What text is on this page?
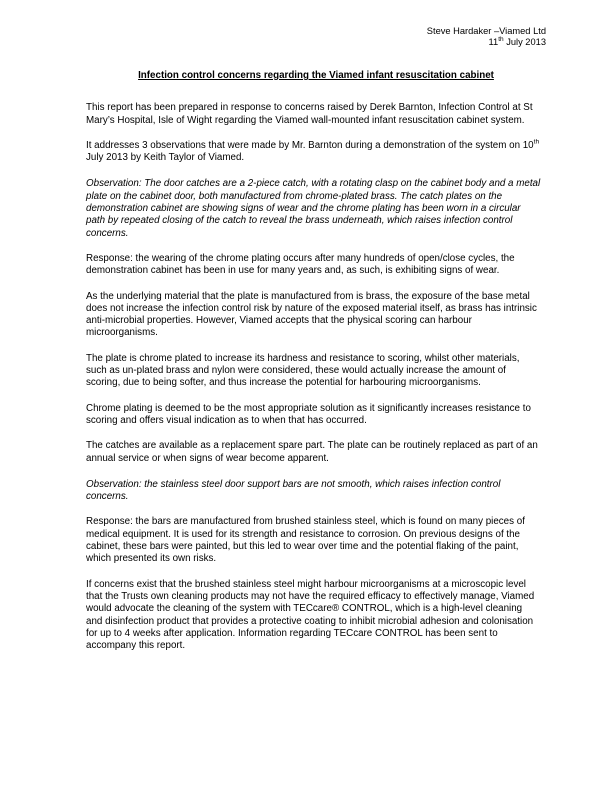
Steve Hardaker –Viamed Ltd
11th July 2013
Infection control concerns regarding the Viamed infant resuscitation cabinet

This report has been prepared in response to concerns raised by Derek Barnton, Infection Control at St Mary’s Hospital, Isle of Wight regarding the Viamed wall-mounted infant resuscitation cabinet system.

It addresses 3 observations that were made by Mr. Barnton during a demonstration of the system on 10th July 2013 by Keith Taylor of Viamed.

Observation: The door catches are a 2-piece catch, with a rotating clasp on the cabinet body and a metal plate on the cabinet door, both manufactured from chrome-plated brass. The catch plates on the demonstration cabinet are showing signs of wear and the chrome plating has been worn in a circular path by repeated closing of the catch to reveal the brass underneath, which raises infection control concerns.

Response: the wearing of the chrome plating occurs after many hundreds of open/close cycles, the demonstration cabinet has been in use for many years and, as such, is exhibiting signs of wear.

As the underlying material that the plate is manufactured from is brass, the exposure of the base metal does not increase the infection control risk by nature of the exposed material itself, as brass has intrinsic anti-microbial properties. However, Viamed accepts that the physical scoring can harbour microorganisms.

The plate is chrome plated to increase its hardness and resistance to scoring, whilst other materials, such as un-plated brass and nylon were considered, these would actually increase the amount of scoring, due to being softer, and thus increase the potential for harbouring microorganisms.

Chrome plating is deemed to be the most appropriate solution as it significantly increases resistance to scoring and offers visual indication as to when that has occurred.

The catches are available as a replacement spare part. The plate can be routinely replaced as part of an annual service or when signs of wear become apparent.

Observation: the stainless steel door support bars are not smooth, which raises infection control concerns.

Response: the bars are manufactured from brushed stainless steel, which is found on many pieces of medical equipment. It is used for its strength and resistance to corrosion. On previous designs of the cabinet, these bars were painted, but this led to wear over time and the potential flaking of the paint, which presented its own risks.

If concerns exist that the brushed stainless steel might harbour microorganisms at a microscopic level that the Trusts own cleaning products may not have the required efficacy to effectively manage, Viamed would advocate the cleaning of the system with TECcare® CONTROL, which is a high-level cleaning and disinfection product that provides a protective coating to inhibit microbial adhesion and colonisation for up to 4 weeks after application. Information regarding TECcare CONTROL has been sent to accompany this report.
